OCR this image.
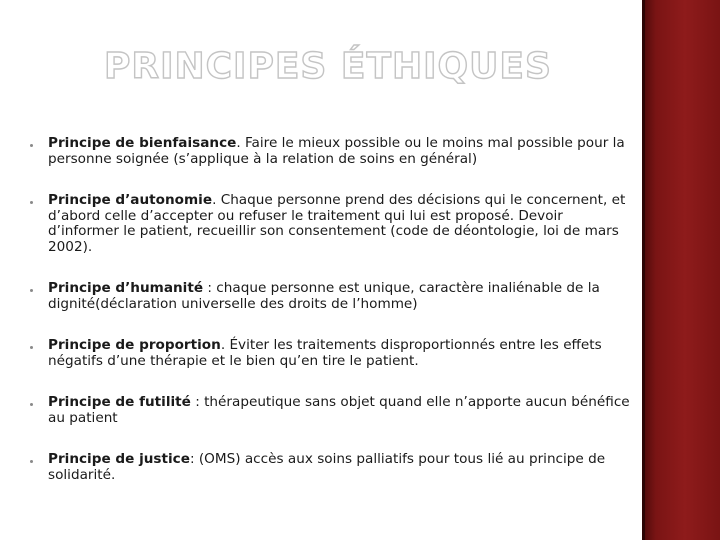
PRINCIPES ÉTHIQUES
Principe de bienfaisance. Faire le mieux possible ou le moins mal possible pour la personne soignée (s’applique à la relation de soins en général)
Principe d’autonomie. Chaque personne prend des décisions qui le concernent, et d’abord celle d’accepter ou refuser le traitement qui lui est proposé. Devoir d’informer le patient, recueillir son consentement (code de déontologie, loi de mars 2002).
Principe d’humanité : chaque personne est unique, caractère inaliénable de la dignité(déclaration universelle des droits de l’homme)
Principe de proportion. Éviter les traitements disproportionnés entre les effets négatifs d’une thérapie et le bien qu’en tire le patient.
Principe de futilité : thérapeutique sans objet quand elle n’apporte aucun bénéfice au patient
Principe de justice: (OMS) accès aux soins palliatifs pour tous lié au principe de solidarité.
